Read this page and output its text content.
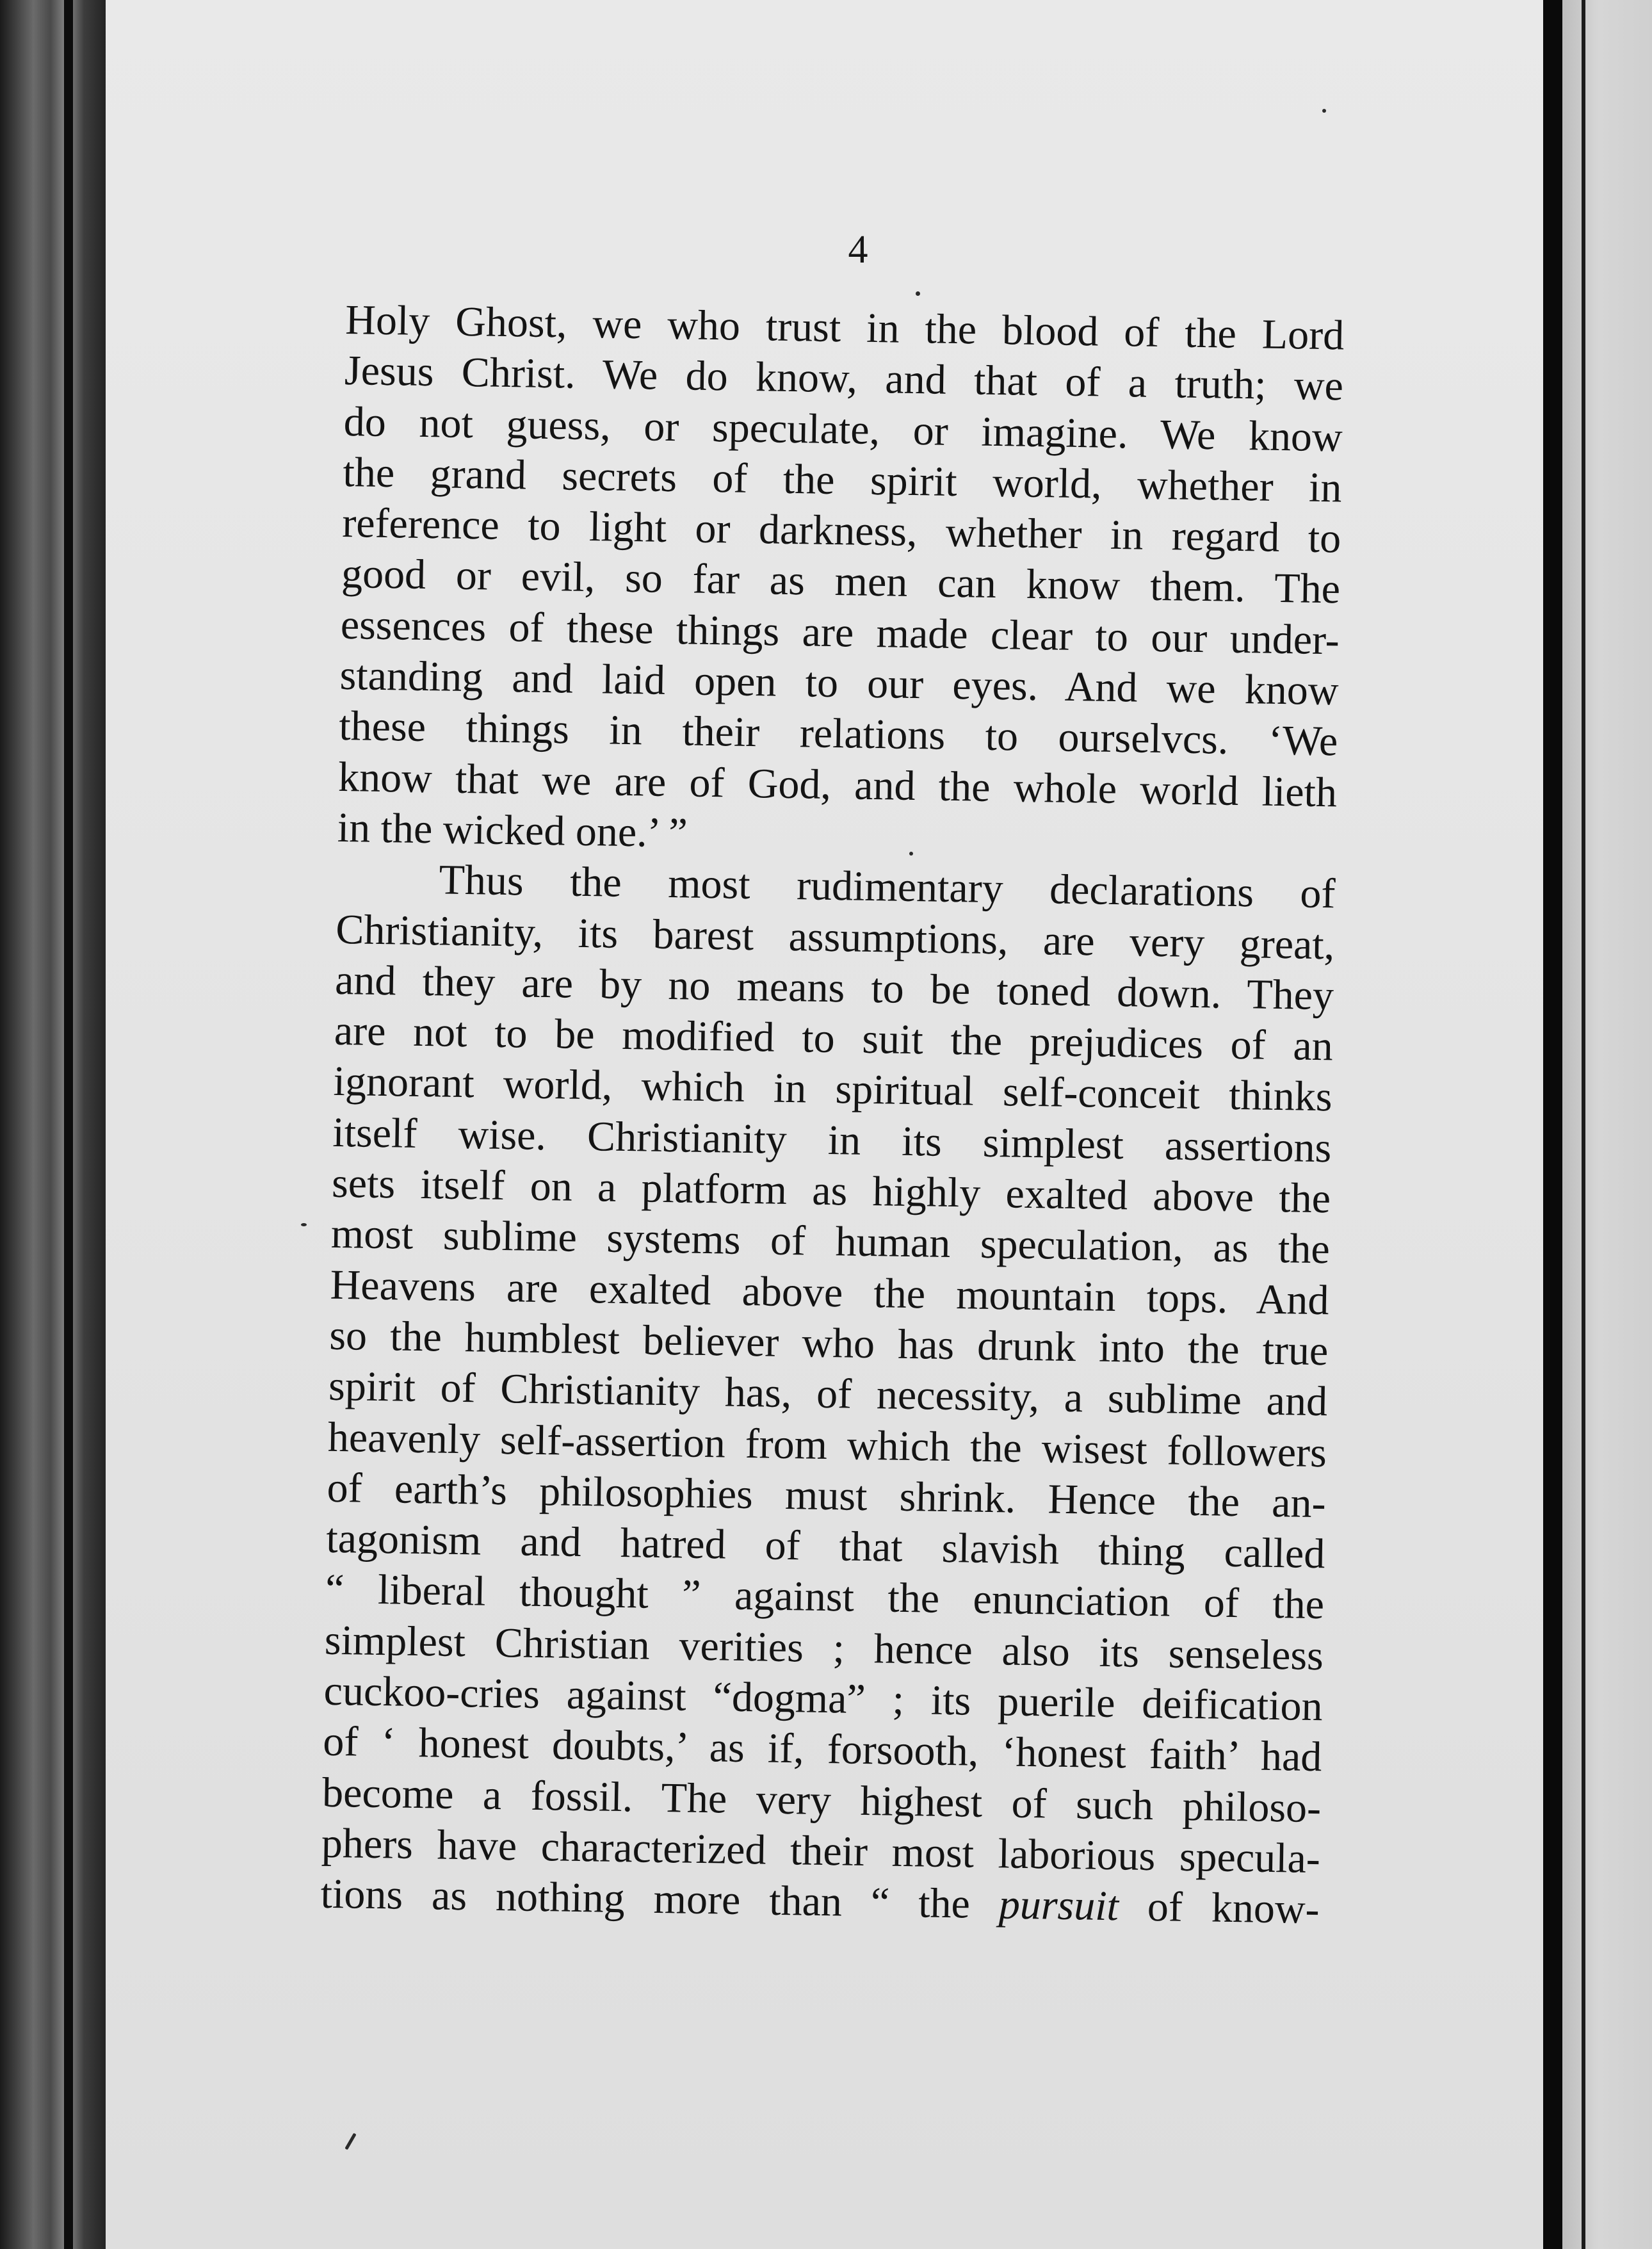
4
Holy Ghost, we who trust in the blood of the Lord
Jesus Christ. We do know, and that of a truth; we
do not guess, or speculate, or imagine. We know
the grand secrets of the spirit world, whether in
reference to light or darkness, whether in regard to
good or evil, so far as men can know them. The
essences of these things are made clear to our under-
standing and laid open to our eyes. And we know
these things in their relations to ourselvcs. ‘We
know that we are of God, and the whole world lieth
in the wicked one.’ ”
Thus the most rudimentary declarations of
Christianity, its barest assumptions, are very great,
and they are by no means to be toned down. They
are not to be modified to suit the prejudices of an
ignorant world, which in spiritual self-conceit thinks
itself wise. Christianity in its simplest assertions
sets itself on a platform as highly exalted above the
most sublime systems of human speculation, as the
Heavens are exalted above the mountain tops. And
so the humblest believer who has drunk into the true
spirit of Christianity has, of necessity, a sublime and
heavenly self-assertion from which the wisest followers
of earth’s philosophies must shrink. Hence the an-
tagonism and hatred of that slavish thing called
“ liberal thought ” against the enunciation of the
simplest Christian verities ; hence also its senseless
cuckoo-cries against “dogma” ; its puerile deification
of ‘ honest doubts,’ as if, forsooth, ‘honest faith’ had
become a fossil. The very highest of such philoso-
phers have characterized their most laborious specula-
tions as nothing more than “ the pursuit of know-
